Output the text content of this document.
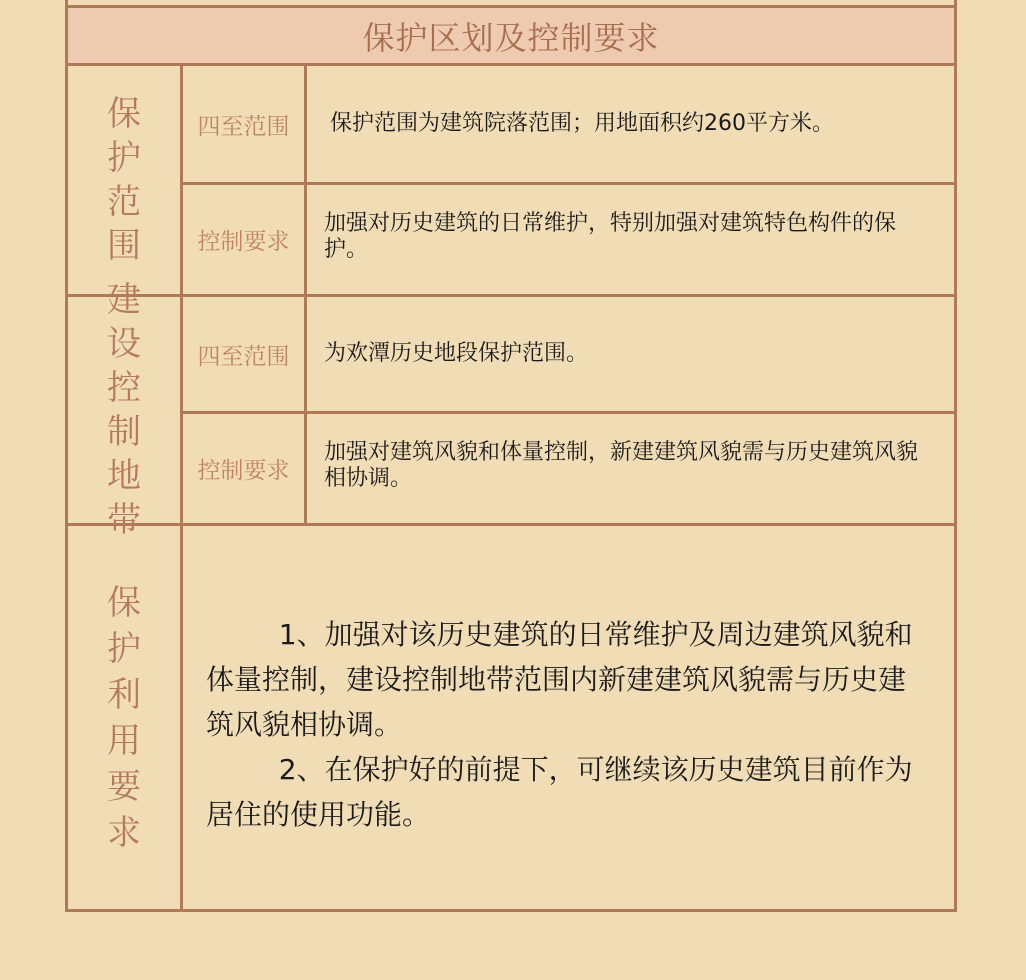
保护区划及控制要求
保护范围
四至范围	保护范围为建筑院落范围；用地面积约260平方米。
控制要求
加强对历史建筑的日常维护，特别加强对建筑特色构件的保护。
建设控制地带
四至范围	为欢潭历史地段保护范围。
控制要求
加强对建筑风貌和体量控制，新建建筑风貌需与历史建筑风貌相协调。
保护利用要求

1、加强对该历史建筑的日常维护及周边建筑风貌和体量控制，建设控制地带范围内新建建筑风貌需与历史建筑风貌相协调。

2、在保护好的前提下，可继续该历史建筑目前作为居住的使用功能。
